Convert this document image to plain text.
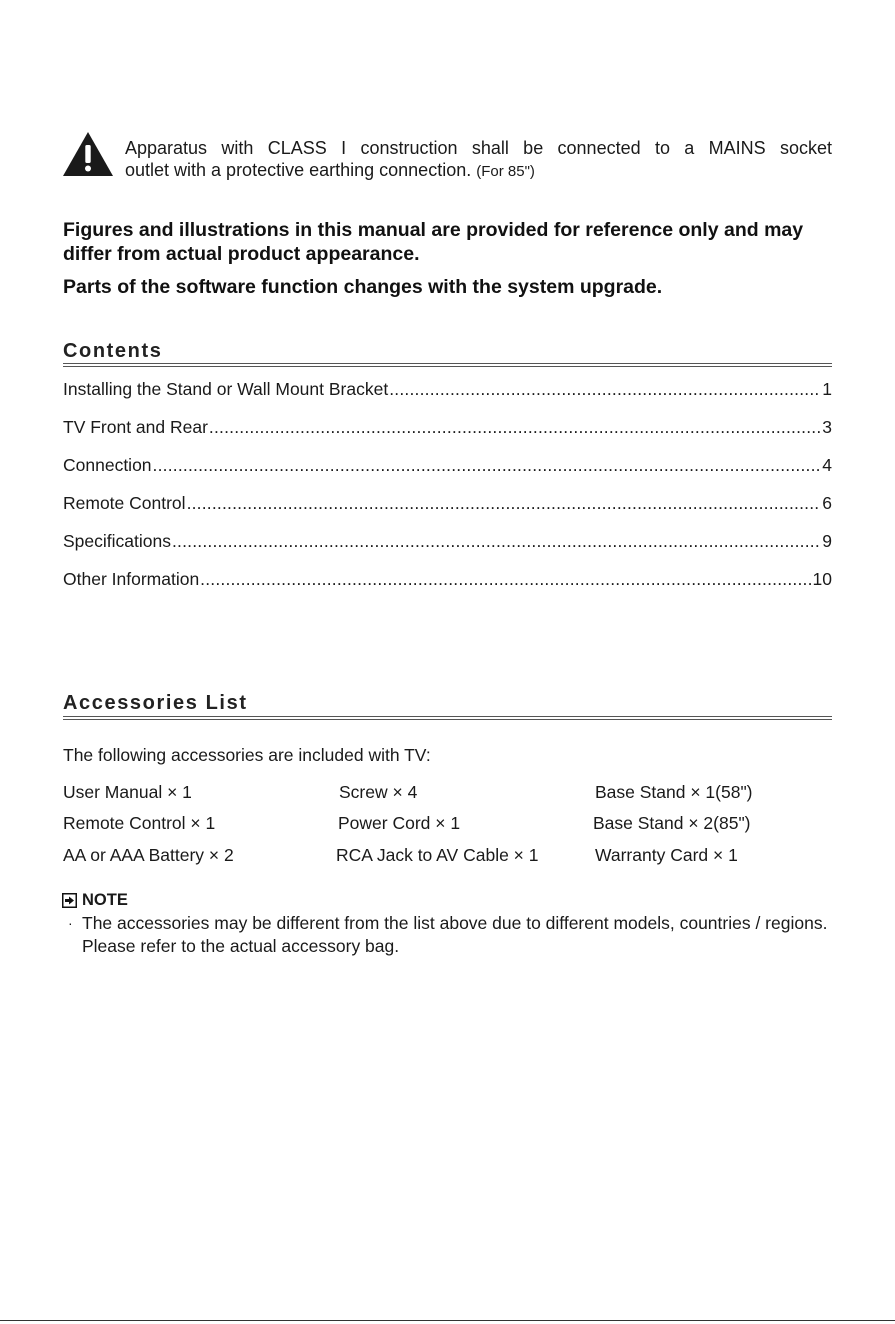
Apparatus with CLASS I construction shall be connected to a MAINS socket
outlet with a protective earthing connection. (For 85")
Figures and illustrations in this manual are provided for reference only and may differ from actual product appearance.
Parts of the software function changes with the system upgrade.
Contents
Installing the Stand or Wall Mount Bracket .....	1
TV Front and Rear .....	3
Connection .....	4
Remote Control .....	6
Specifications .....	9
Other Information .....	10
Accessories List
The following accessories are included with TV:
User Manual × 1	Screw × 4	Base Stand × 1(58")
Remote Control × 1	Power Cord × 1	Base Stand × 2(85")
AA or AAA Battery × 2	RCA Jack to AV Cable × 1	Warranty Card × 1
NOTE
· The accessories may be different from the list above due to different models, countries / regions. Please refer to the actual accessory bag.
